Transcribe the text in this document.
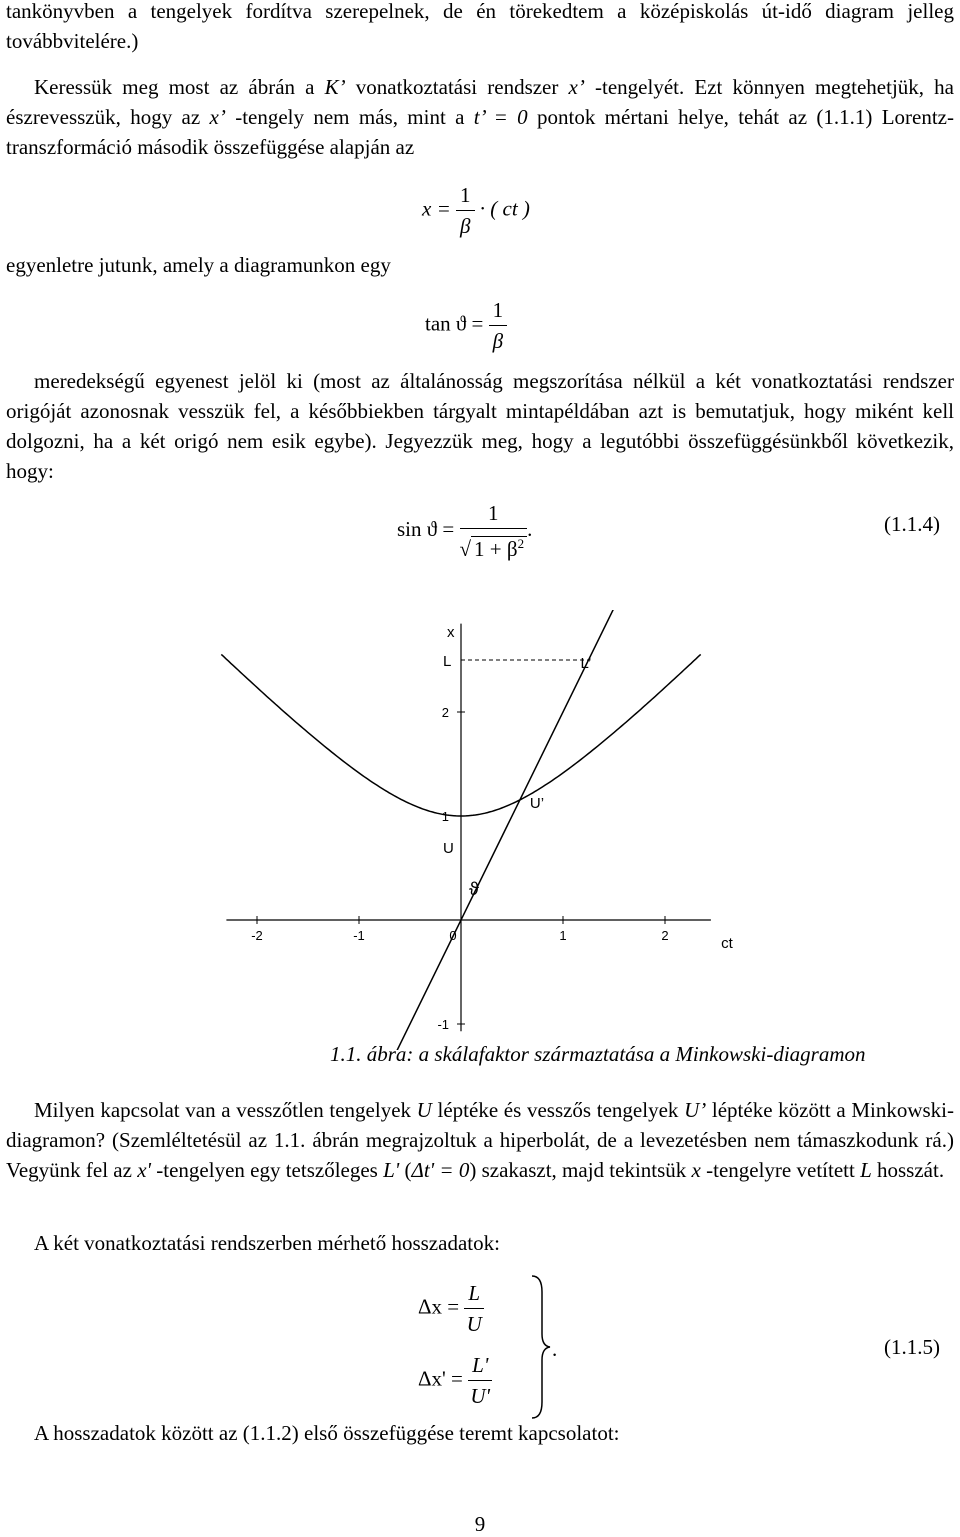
tankönyvben a tengelyek fordítva szerepelnek, de én törekedtem a középiskolás út-idő diagram jelleg továbbvitelére.)

Keressük meg most az ábrán a K’ vonatkoztatási rendszer x’ -tengelyét. Ezt könnyen megtehetjük, ha észrevesszük, hogy az x’ -tengely nem más, mint a t’ = 0 pontok mértani helye, tehát az (1.1.1) Lorentz-transzformáció második összefüggése alapján az

$x = \frac{1}{\beta}$ · ( ct )

egyenletre jutunk, amely a diagramunkon egy

$\tan ϑ = \frac{1}{\beta}$

meredekségű egyenest jelöl ki (most az általánosság megszorítása nélkül a két vonatkoztatási rendszer origóját azonosnak vesszük fel, a későbbiekben tárgyalt mintapéldában azt is bemutatjuk, hogy miként kell dolgozni, ha a két origó nem esik egybe). Jegyezzük meg, hogy a legutóbbi összefüggésünkből következik, hogy:

$\sin ϑ = \frac{1}{√ 1 + \beta^2}$ .	(1.1.4)
-2	-1	0	1	2
2
1
-1
ct
x
L	L’
U
U’
ϑ
1.1. ábra: a skálafaktor származtatása a Minkowski-diagramon

Milyen kapcsolat van a vesszőtlen tengelyek U léptéke és vesszős tengelyek U’ léptéke között a Minkowski-diagramon? (Szemléltetésül az 1.1. ábrán megrajzoltuk a hiperbolát, de a levezetésben nem támaszkodunk rá.) Vegyünk fel az x' -tengelyen egy tetszőleges L' (Δt' = 0) szakaszt, majd tekintsük x -tengelyre vetített L hosszát.

A két vonatkoztatási rendszerben mérhető hosszadatok:

$\Delta x = \frac{L}{U}$
$\Delta x' = \frac{L'}{U'}$
.	(1.1.5)

A hosszadatok között az (1.1.2) első összefüggése teremt kapcsolatot:

9
